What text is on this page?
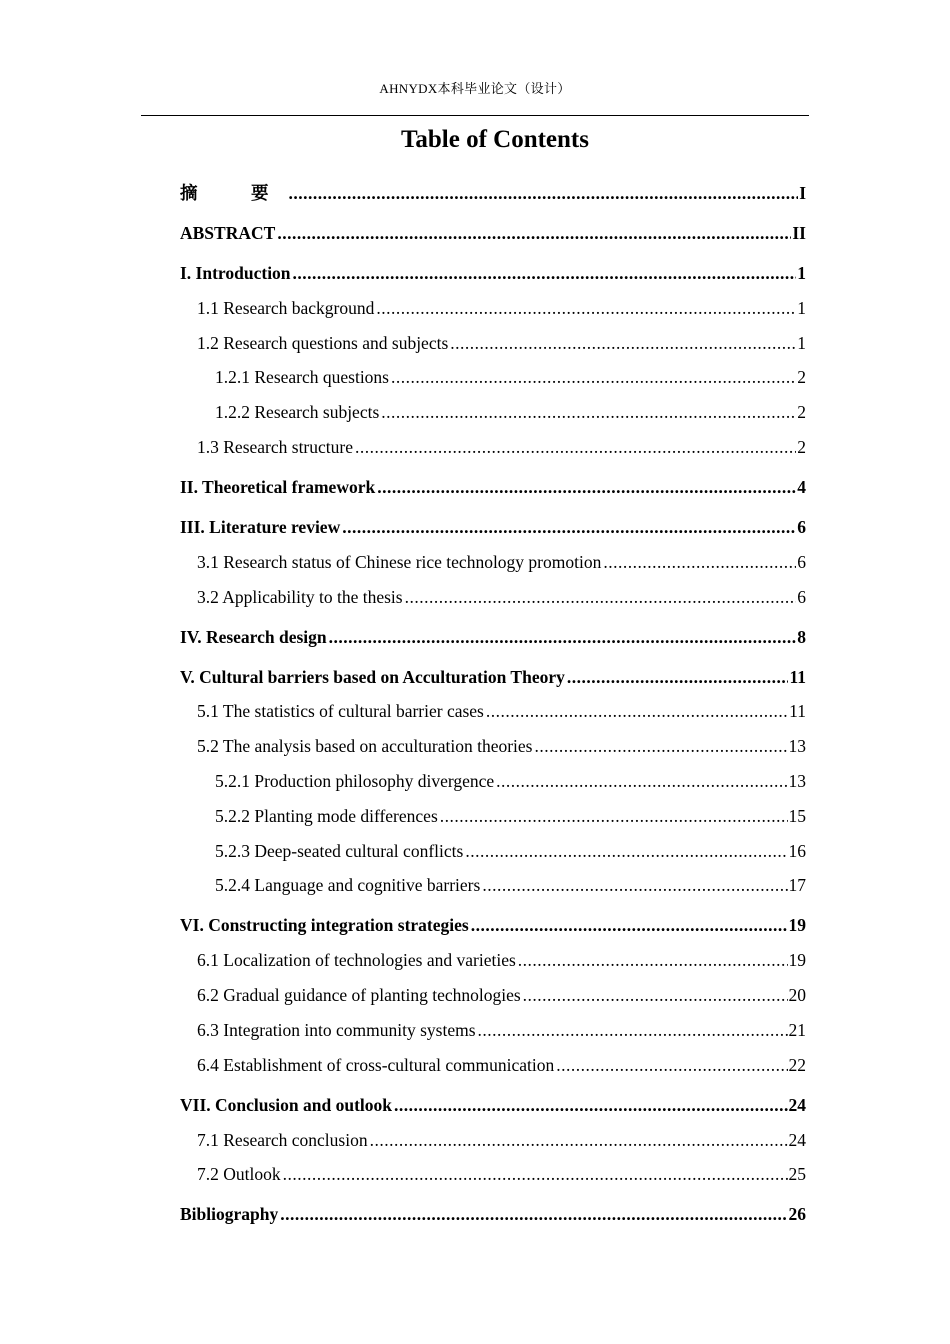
AHNYDX本科毕业论文（设计）
Table of Contents
摘　要 .....	I
ABSTRACT .....	II
I. Introduction .....	1
1.1 Research background .....	1
1.2 Research questions and subjects .....	1
1.2.1 Research questions .....	2
1.2.2 Research subjects .....	2
1.3 Research structure .....	2
II. Theoretical framework .....	4
III. Literature review .....	6
3.1 Research status of Chinese rice technology promotion .....	6
3.2 Applicability to the thesis .....	6
IV. Research design .....	8
V. Cultural barriers based on Acculturation Theory .....	11
5.1 The statistics of cultural barrier cases .....	11
5.2 The analysis based on acculturation theories .....	13
5.2.1 Production philosophy divergence .....	13
5.2.2 Planting mode differences .....	15
5.2.3 Deep-seated cultural conflicts .....	16
5.2.4 Language and cognitive barriers .....	17
VI. Constructing integration strategies .....	19
6.1 Localization of technologies and varieties .....	19
6.2 Gradual guidance of planting technologies .....	20
6.3 Integration into community systems .....	21
6.4 Establishment of cross-cultural communication .....	22
VII. Conclusion and outlook .....	24
7.1 Research conclusion .....	24
7.2 Outlook .....	25
Bibliography .....	26
